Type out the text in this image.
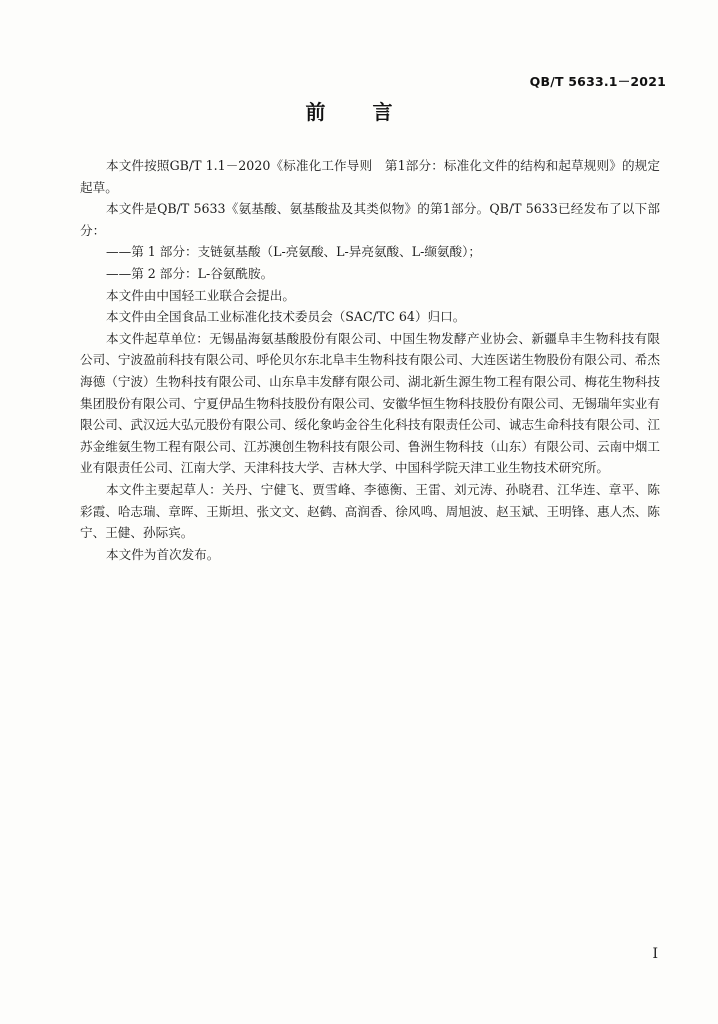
QB/T 5633.1－2021
前 言

本文件按照GB/T 1.1－2020《标准化工作导则　第1部分：标准化文件的结构和起草规则》的规定起草。

本文件是QB/T 5633《氨基酸、氨基酸盐及其类似物》的第1部分。QB/T 5633已经发布了以下部分：

——第 1 部分：支链氨基酸（L-亮氨酸、L-异亮氨酸、L-缬氨酸）；

——第 2 部分：L-谷氨酰胺。

本文件由中国轻工业联合会提出。

本文件由全国食品工业标准化技术委员会（SAC/TC 64）归口。

本文件起草单位：无锡晶海氨基酸股份有限公司、中国生物发酵产业协会、新疆阜丰生物科技有限公司、宁波盈前科技有限公司、呼伦贝尔东北阜丰生物科技有限公司、大连医诺生物股份有限公司、希杰海德（宁波）生物科技有限公司、山东阜丰发酵有限公司、湖北新生源生物工程有限公司、梅花生物科技集团股份有限公司、宁夏伊品生物科技股份有限公司、安徽华恒生物科技股份有限公司、无锡瑞年实业有限公司、武汉远大弘元股份有限公司、绥化象屿金谷生化科技有限责任公司、诚志生命科技有限公司、江苏金维氨生物工程有限公司、江苏澳创生物科技有限公司、鲁洲生物科技（山东）有限公司、云南中烟工业有限责任公司、江南大学、天津科技大学、吉林大学、中国科学院天津工业生物技术研究所。

本文件主要起草人：关丹、宁健飞、贾雪峰、李德衡、王雷、刘元涛、孙晓君、江华连、章平、陈彩霞、哈志瑞、章晖、王斯坦、张文文、赵鹤、高润香、徐风鸣、周旭波、赵玉斌、王明锋、惠人杰、陈宁、王健、孙际宾。

本文件为首次发布。

I
